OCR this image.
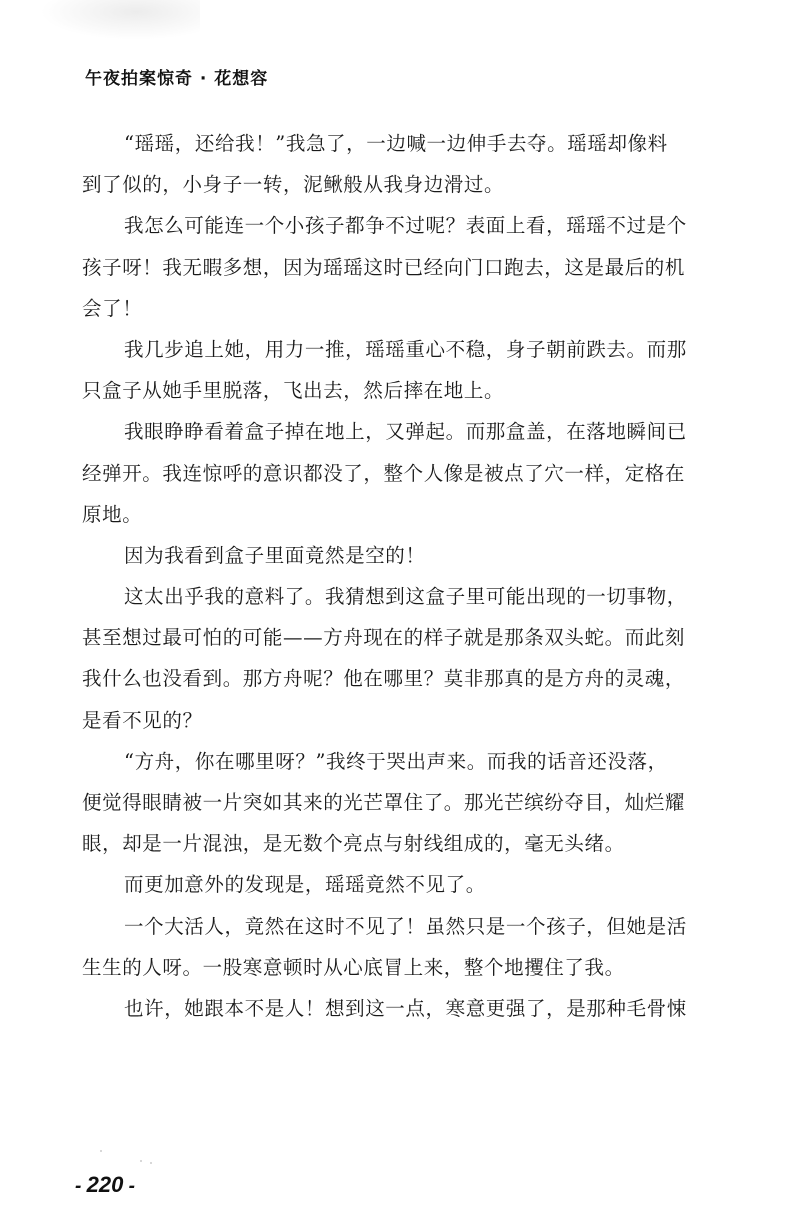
午夜拍案惊奇 · 花想容
“瑶瑶，还给我！”我急了，一边喊一边伸手去夺。瑶瑶却像料
到了似的，小身子一转，泥鳅般从我身边滑过。
我怎么可能连一个小孩子都争不过呢？表面上看，瑶瑶不过是个
孩子呀！我无暇多想，因为瑶瑶这时已经向门口跑去，这是最后的机
会了！
我几步追上她，用力一推，瑶瑶重心不稳，身子朝前跌去。而那
只盒子从她手里脱落，飞出去，然后摔在地上。
我眼睁睁看着盒子掉在地上，又弹起。而那盒盖，在落地瞬间已
经弹开。我连惊呼的意识都没了，整个人像是被点了穴一样，定格在
原地。
因为我看到盒子里面竟然是空的！
这太出乎我的意料了。我猜想到这盒子里可能出现的一切事物，
甚至想过最可怕的可能——方舟现在的样子就是那条双头蛇。而此刻
我什么也没看到。那方舟呢？他在哪里？莫非那真的是方舟的灵魂，
是看不见的？
“方舟，你在哪里呀？”我终于哭出声来。而我的话音还没落，
便觉得眼睛被一片突如其来的光芒罩住了。那光芒缤纷夺目，灿烂耀
眼，却是一片混浊，是无数个亮点与射线组成的，毫无头绪。
而更加意外的发现是，瑶瑶竟然不见了。
一个大活人，竟然在这时不见了！虽然只是一个孩子，但她是活
生生的人呀。一股寒意顿时从心底冒上来，整个地攫住了我。
也许，她跟本不是人！想到这一点，寒意更强了，是那种毛骨悚
- 220 -
